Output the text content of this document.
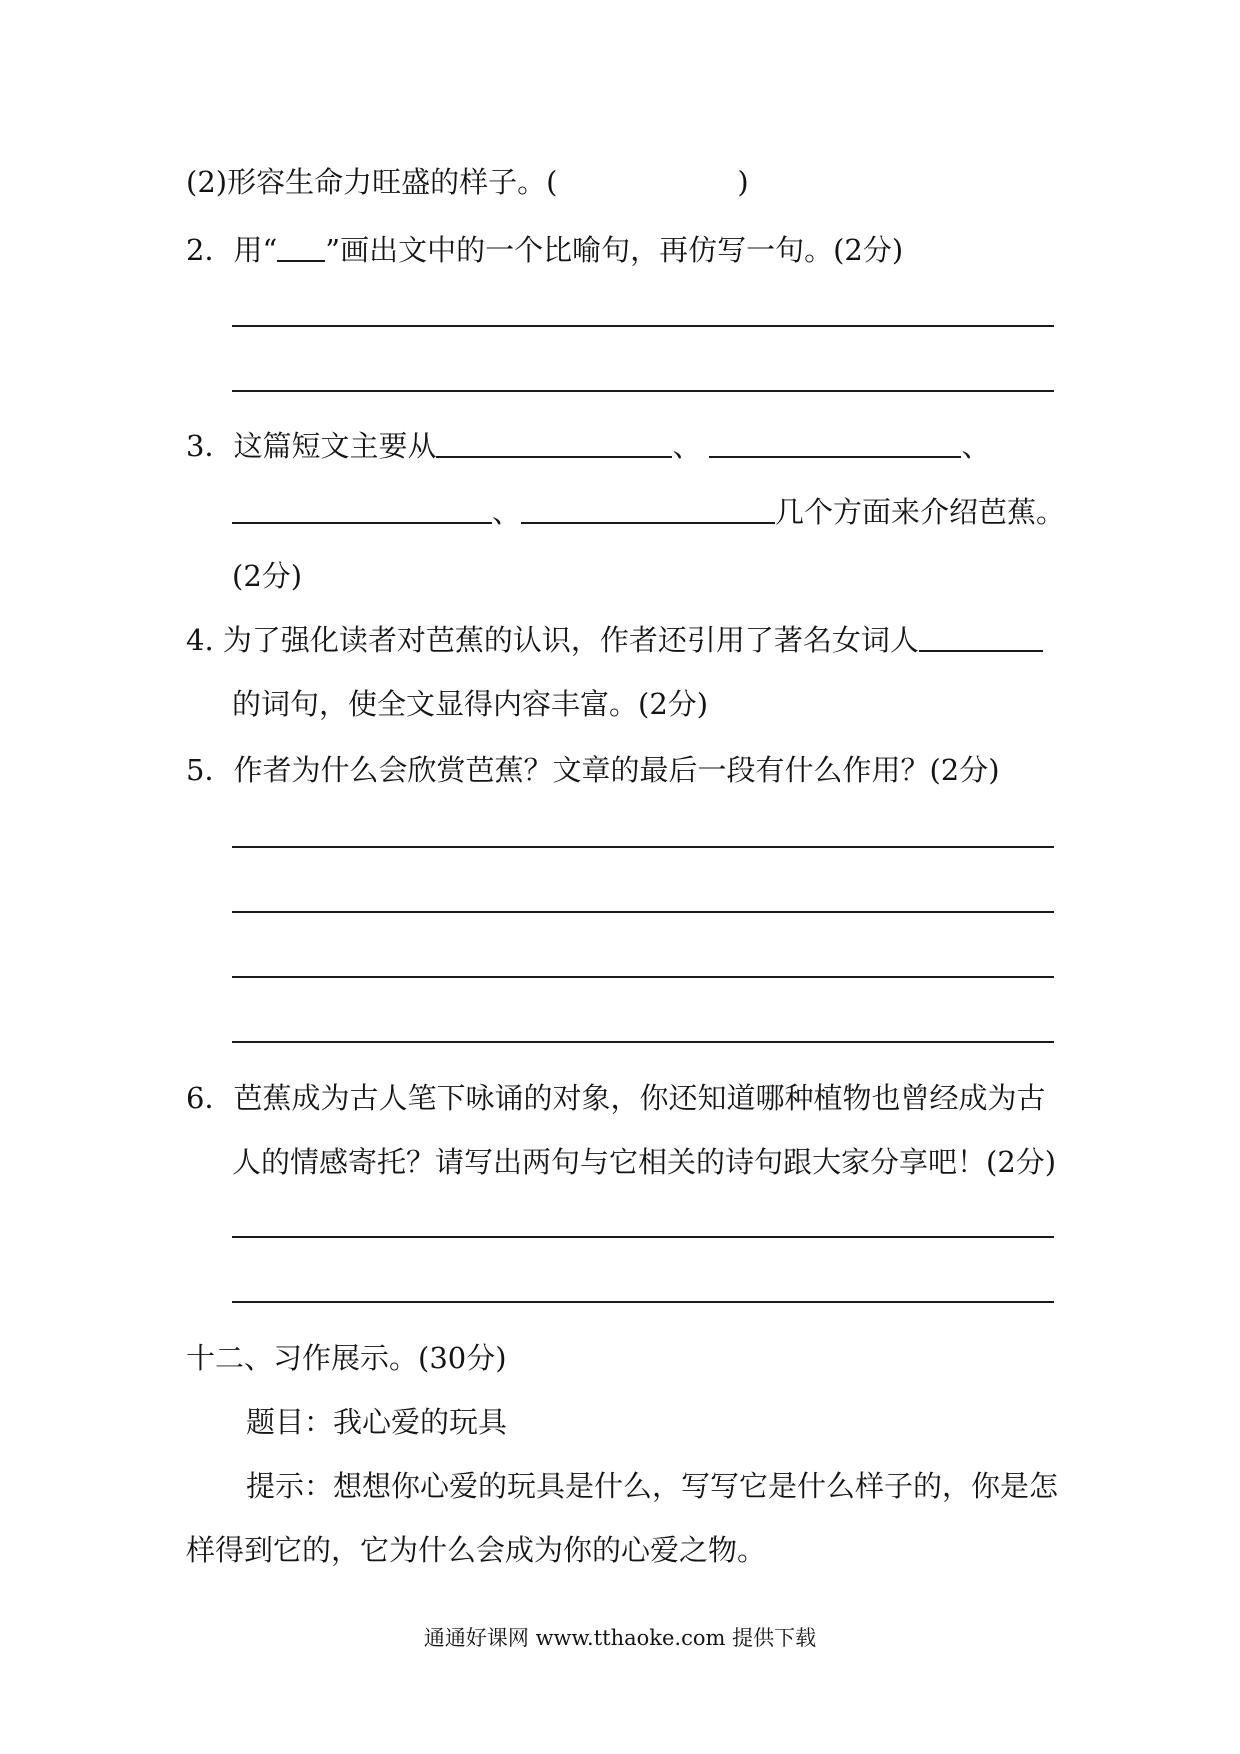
(2)形容生命力旺盛的样子。(	)
2．用“ ”画出文中的一个比喻句，再仿写一句。(2分)
3．这篇短文主要从	、	、
、	几个方面来介绍芭蕉。
(2分)
4. 为了强化读者对芭蕉的认识，作者还引用了著名女词人
的词句，使全文显得内容丰富。(2分)
5．作者为什么会欣赏芭蕉？文章的最后一段有什么作用？(2分)
6．芭蕉成为古人笔下咏诵的对象，你还知道哪种植物也曾经成为古
人的情感寄托？请写出两句与它相关的诗句跟大家分享吧！(2分)
十二、习作展示。(30分)
题目：我心爱的玩具
提示：想想你心爱的玩具是什么，写写它是什么样子的，你是怎
样得到它的，它为什么会成为你的心爱之物。
通通好课网 www.tthaoke.com 提供下载
